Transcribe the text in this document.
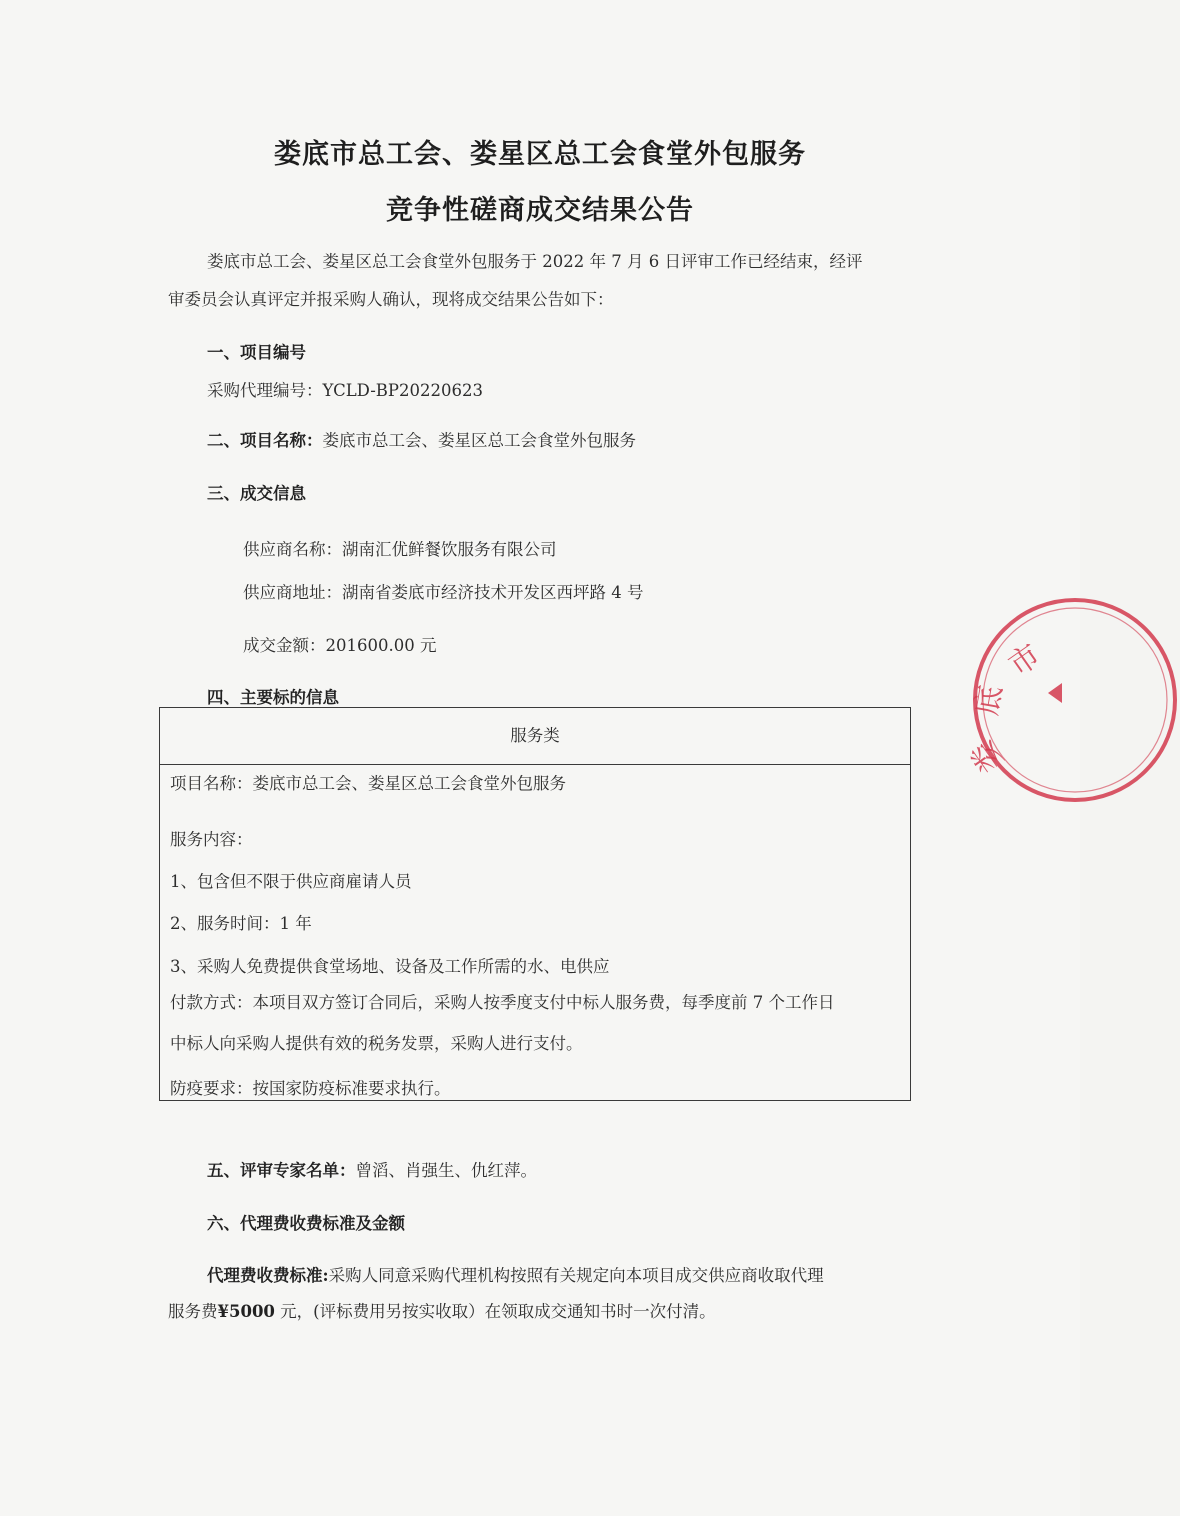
娄底市总工会、娄星区总工会食堂外包服务
竞争性磋商成交结果公告
娄底市总工会、娄星区总工会食堂外包服务于 2022 年 7 月 6 日评审工作已经结束，经评
审委员会认真评定并报采购人确认，现将成交结果公告如下：
一、项目编号
采购代理编号：YCLD-BP20220623
二、项目名称：娄底市总工会、娄星区总工会食堂外包服务
三、成交信息
供应商名称：湖南汇优鲜餐饮服务有限公司
供应商地址：湖南省娄底市经济技术开发区西坪路 4 号
成交金额：201600.00 元
四、主要标的信息
服务类
项目名称：娄底市总工会、娄星区总工会食堂外包服务
服务内容：
1、包含但不限于供应商雇请人员
2、服务时间：1 年
3、采购人免费提供食堂场地、设备及工作所需的水、电供应
付款方式：本项目双方签订合同后，采购人按季度支付中标人服务费，每季度前 7 个工作日
中标人向采购人提供有效的税务发票，采购人进行支付。
防疫要求：按国家防疫标准要求执行。
五、评审专家名单：曾滔、肖强生、仇红萍。
六、代理费收费标准及金额
代理费收费标准:采购人同意采购代理机构按照有关规定向本项目成交供应商收取代理
服务费¥5000 元，(评标费用另按实收取）在领取成交通知书时一次付清。
市
底
娄
